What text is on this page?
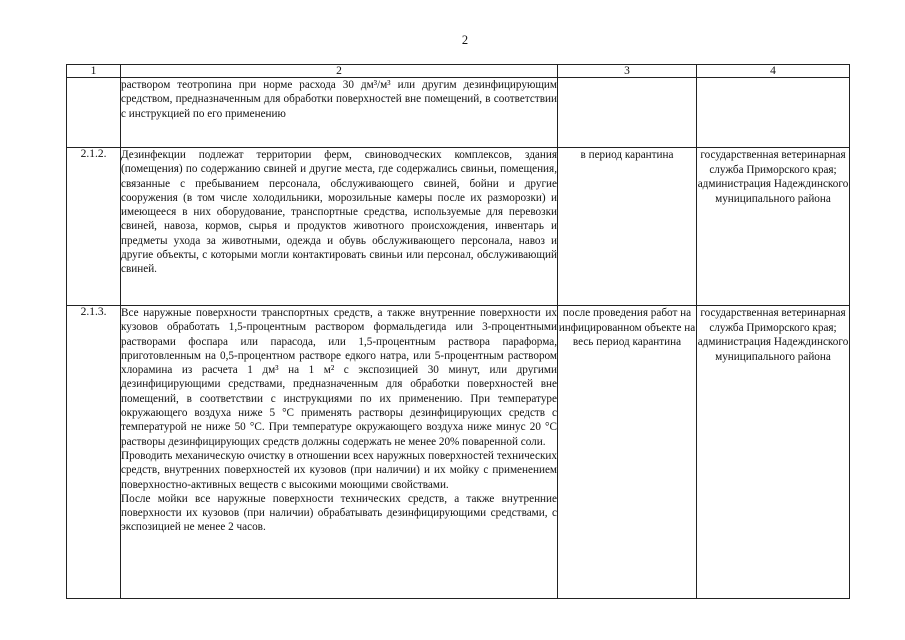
2
1	2	3	4

	раствором теотропина при норме расхода 30 дм³/м³ или другим дезинфицирующим средством, предназначенным для обработки поверхностей вне помещений, в соответствии с инструкцией по его применению		

2.1.2.	Дезинфекции подлежат территории ферм, свиноводческих комплексов, здания (помещения) по содержанию свиней и другие места, где содержались свиньи, помещения, связанные с пребыванием персонала, обслуживающего свиней, бойни и другие сооружения (в том числе холодильники, морозильные камеры после их разморозки) и имеющееся в них оборудование, транспортные средства, используемые для перевозки свиней, навоза, кормов, сырья и продуктов животного происхождения, инвентарь и предметы ухода за животными, одежда и обувь обслуживающего персонала, навоз и другие объекты, с которыми могли контактировать свиньи или персонал, обслуживающий свиней.	в период карантина	государственная ветеринарная служба Приморского края; администрация Надеждинского муниципального района
2.1.3.	Все наружные поверхности транспортных средств, а также внутренние поверхности их кузовов обработать 1,5-процентным раствором формальдегида или 3-процентными растворами фоспара или парасода, или 1,5-процентным раствора параформа, приготовленным на 0,5-процентном растворе едкого натра, или 5-процентным раствором хлорамина из расчета 1 дм³ на 1 м² с экспозицией 30 минут, или другими дезинфицирующими средствами, предназначенным для обработки поверхностей вне помещений, в соответствии с инструкциями по их применению. При температуре окружающего воздуха ниже 5 °C применять растворы дезинфицирующих средств с температурой не ниже 50 °C. При температуре окружающего воздуха ниже минус 20 °C растворы дезинфицирующих средств должны содержать не менее 20% поваренной соли.

Проводить механическую очистку в отношении всех наружных поверхностей технических средств, внутренних поверхностей их кузовов (при наличии) и их мойку с применением поверхностно-активных веществ с высокими моющими свойствами.

После мойки все наружные поверхности технических средств, а также внутренние поверхности их кузовов (при наличии) обрабатывать дезинфицирующими средствами, с экспозицией не менее 2 часов.	после проведения работ на инфицированном объекте на весь период карантина	государственная ветеринарная служба Приморского края; администрация Надеждинского муниципального района
